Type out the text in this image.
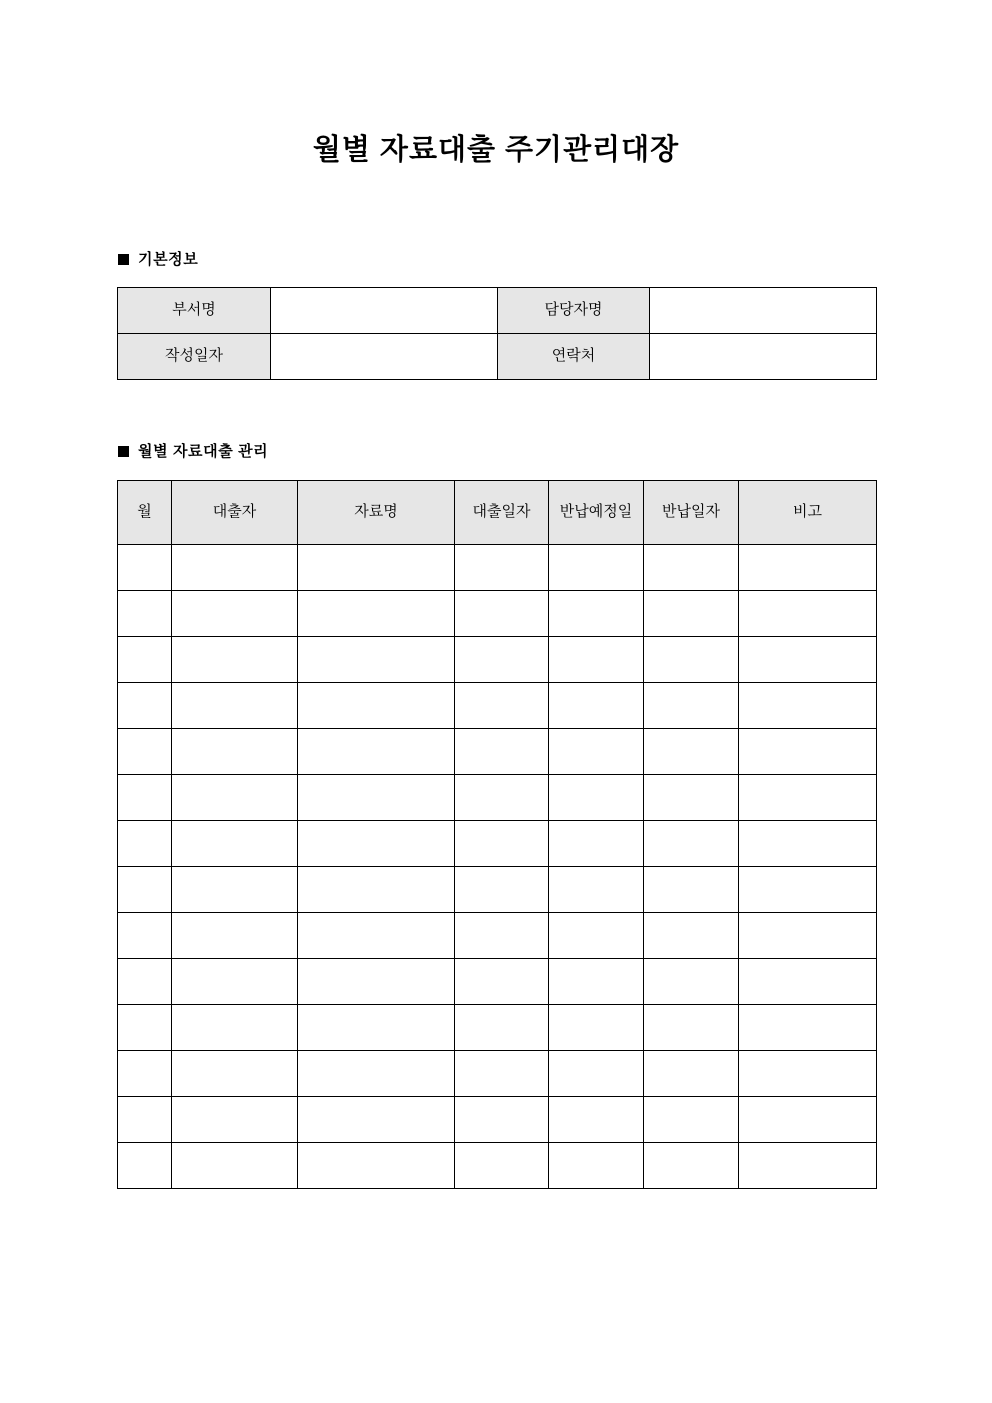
월별 자료대출 주기관리대장
기본정보
부서명		담당자명	
작성일자		연락처	
월별 자료대출 관리
월	대출자	자료명	대출일자	반납예정일	반납일자	비고
